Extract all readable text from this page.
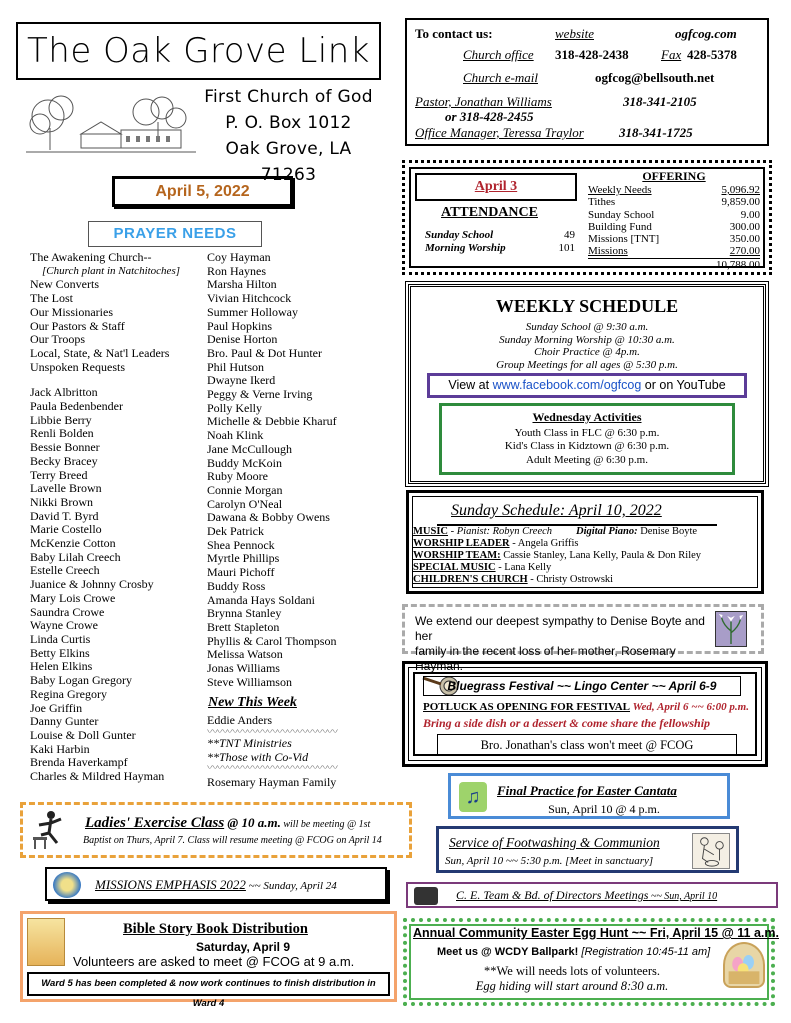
The Oak Grove Link
First Church of God
P. O. Box 1012
Oak Grove, LA 71263
April 5, 2022
PRAYER NEEDS
The Awakening Church--
[Church plant in Natchitoches]
New Converts
The Lost
Our Missionaries
Our Pastors & Staff
Our Troops
Local, State, & Nat'l Leaders
Unspoken Requests
Jack Albritton
Paula Bedenbender
Libbie Berry
Renli Bolden
Bessie Bonner
Becky Bracey
Terry Breed
Lavelle Brown
Nikki Brown
David T. Byrd
Marie Costello
McKenzie Cotton
Baby Lilah Creech
Estelle Creech
Juanice & Johnny Crosby
Mary Lois Crowe
Saundra Crowe
Wayne Crowe
Linda Curtis
Betty Elkins
Helen Elkins
Baby Logan Gregory
Regina Gregory
Joe Griffin
Danny Gunter
Louise & Doll Gunter
Kaki Harbin
Brenda Haverkampf
Charles & Mildred Hayman
Coy Hayman
Ron Haynes
Marsha Hilton
Vivian Hitchcock
Summer Holloway
Paul Hopkins
Denise Horton
Bro. Paul & Dot Hunter
Phil Hutson
Dwayne Ikerd
Peggy & Verne Irving
Polly Kelly
Michelle & Debbie Kharuf
Noah Klink
Jane McCullough
Buddy McKoin
Ruby Moore
Connie Morgan
Carolyn O'Neal
Dawana & Bobby Owens
Dek Patrick
Shea Pennock
Myrtle Phillips
Mauri Pichoff
Buddy Ross
Amanda Hays Soldani
Brynna Stanley
Brett Stapleton
Phyllis & Carol Thompson
Melissa Watson
Jonas Williams
Steve Williamson
New This Week
Eddie Anders
〰〰〰〰〰〰〰〰〰〰〰〰〰
**TNT Ministries
**Those with Co-Vid
〰〰〰〰〰〰〰〰〰〰〰〰〰
Rosemary Hayman Family
To contact us:	website	ogfcog.com
Church office 318-428-2438 Fax 428-5378
Church e-mail	ogfcog@bellsouth.net
Pastor, Jonathan Williams	318-341-2105
or 318-428-2455
Office Manager, Teressa Traylor	318-341-1725
April 3
ATTENDANCE
Sunday School	49
Morning Worship	101
OFFERING
Weekly Needs	5,096.92
Tithes	9,859.00
Sunday School	9.00
Building Fund	300.00
Missions [TNT]	350.00
Missions	270.00
10,788.00
WEEKLY SCHEDULE
Sunday School @ 9:30 a.m.
Sunday Morning Worship @ 10:30 a.m.
Choir Practice @ 4p.m.
Group Meetings for all ages @ 5:30 p.m.
View at www.facebook.com/ogfcog or on YouTube
Wednesday Activities
Youth Class in FLC @ 6:30 p.m.
Kid's Class in Kidztown @ 6:30 p.m.
Adult Meeting @ 6:30 p.m.
Sunday Schedule: April 10, 2022
MUSIC - Pianist: Robyn Creech Digital Piano: Denise Boyte
WORSHIP LEADER - Angela Griffis
WORSHIP TEAM: Cassie Stanley, Lana Kelly, Paula & Don Riley
SPECIAL MUSIC - Lana Kelly
CHILDREN'S CHURCH - Christy Ostrowski
We extend our deepest sympathy to Denise Boyte and her
family in the recent loss of her mother, Rosemary Hayman.
Bluegrass Festival ~~ Lingo Center ~~ April 6-9
POTLUCK AS OPENING FOR FESTIVAL Wed, April 6 ~~ 6:00 p.m.
Bring a side dish or a dessert & come share the fellowship
Bro. Jonathan's class won't meet @ FCOG
♫	Final Practice for Easter Cantata
Sun, April 10 @ 4 p.m.
Service of Footwashing & Communion
Sun, April 10 ~~ 5:30 p.m. [Meet in sanctuary]
C. E. Team & Bd. of Directors Meetings ~~ Sun, April 10
Annual Community Easter Egg Hunt ~~ Fri, April 15 @ 11 a.m.
Meet us @ WCDY Ballpark! [Registration 10:45-11 am]
**We will needs lots of volunteers.
Egg hiding will start around 8:30 a.m.
Ladies' Exercise Class @ 10 a.m. will be meeting @ 1st
Baptist on Thurs, April 7. Class will resume meeting @ FCOG on April 14
MISSIONS EMPHASIS 2022 ~~ Sunday, April 24
Bible Story Book Distribution
Saturday, April 9
Volunteers are asked to meet @ FCOG at 9 a.m.
Ward 5 has been completed & now work continues to finish distribution in Ward 4
